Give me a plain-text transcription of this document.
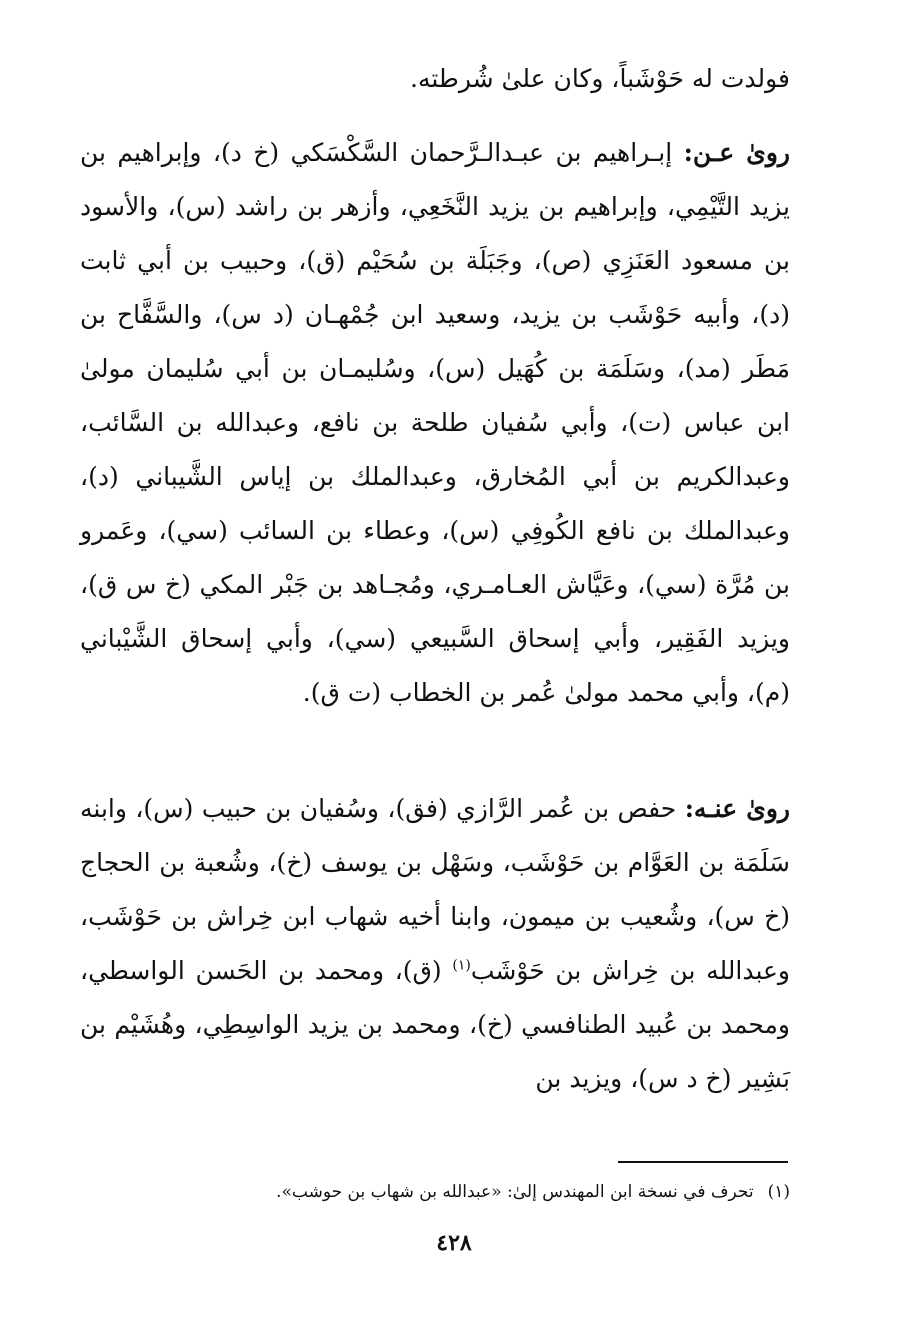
فولدت له حَوْشَباً، وكان علىٰ شُرطته.
روىٰ عـن: إبـراهيم بن عبـدالـرَّحمان السَّكْسَكي (خ د)، وإبراهيم بن يزيد التَّيْمِي، وإبراهيم بن يزيد النَّخَعِي، وأزهر بن راشد (س)، والأسود بن مسعود العَنَزِي (ص)، وجَبَلَة بن سُحَيْم (ق)، وحبيب بن أبي ثابت (د)، وأبيه حَوْشَب بن يزيد، وسعيد ابن جُمْهـان (د س)، والسَّفَّاح بن مَطَر (مد)، وسَلَمَة بن كُهَيل (س)، وسُليمـان بن أبي سُليمان مولىٰ ابن عباس (ت)، وأبي سُفيان طلحة بن نافع، وعبدالله بن السَّائب، وعبدالكريم بن أبي المُخارق، وعبدالملك بن إياس الشَّيباني (د)، وعبدالملك بن نافع الكُوفِي (س)، وعطاء بن السائب (سي)، وعَمرو بن مُرَّة (سي)، وعَيَّاش العـامـري، ومُجـاهد بن جَبْر المكي (خ س ق)، ويزيد الفَقِير، وأبي إسحاق السَّبيعي (سي)، وأبي إسحاق الشَّيْباني (م)، وأبي محمد مولىٰ عُمر بن الخطاب (ت ق).
روىٰ عنـه: حفص بن عُمر الرَّازي (فق)، وسُفيان بن حبيب (س)، وابنه سَلَمَة بن العَوَّام بن حَوْشَب، وسَهْل بن يوسف (خ)، وشُعبة بن الحجاج (خ س)، وشُعيب بن ميمون، وابنا أخيه شهاب ابن خِراش بن حَوْشَب، وعبدالله بن خِراش بن حَوْشَب$^{(١)}$ (ق)، ومحمد بن الحَسن الواسطي، ومحمد بن عُبيد الطنافسي (خ)، ومحمد بن يزيد الواسِطِي، وهُشَيْم بن بَشِير (خ د س)، ويزيد بن
(١)تحرف في نسخة ابن المهندس إلىٰ: «عبدالله بن شهاب بن حوشب».
٤٢٨
